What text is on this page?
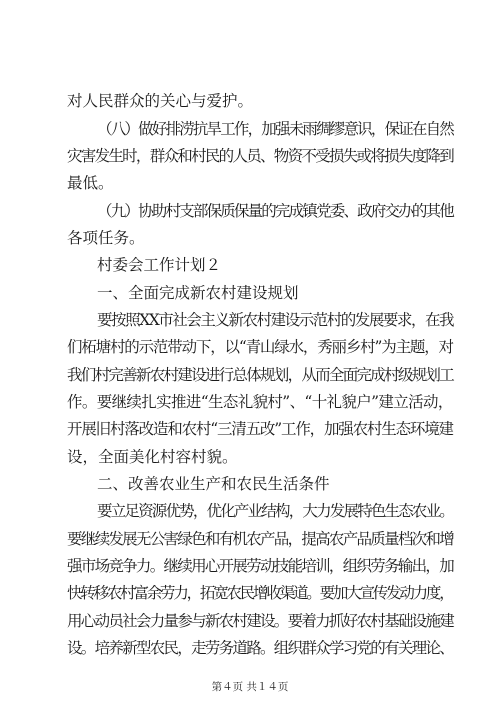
对人民群众的关心与爱护。
（八）做好排涝抗旱工作，加强未雨绸缪意识，保证在自然
灾害发生时，群众和村民的人员、物资不受损失或将损失度降到
最低。
（九）协助村支部保质保量的完成镇党委、政府交办的其他
各项任务。
村委会工作计划２
一、全面完成新农村建设规划
要按照XX市社会主义新农村建设示范村的发展要求，在我
们柘塘村的示范带动下，以“青山绿水，秀丽乡村”为主题，对
我们村完善新农村建设进行总体规划，从而全面完成村级规划工
作。要继续扎实推进“生态礼貌村”、“十礼貌户”建立活动，
开展旧村落改造和农村“三清五改”工作，加强农村生态环境建
设，全面美化村容村貌。
二、改善农业生产和农民生活条件
要立足资源优势，优化产业结构，大力发展特色生态农业。
要继续发展无公害绿色和有机农产品，提高农产品质量档次和增
强市场竞争力。继续用心开展劳动技能培训，组织劳务输出，加
快转移农村富余劳力，拓宽农民增收渠道。要加大宣传发动力度，
用心动员社会力量参与新农村建设。要着力抓好农村基础设施建
设。培养新型农民，走劳务道路。组织群众学习党的有关理论、
第４页 共１４页
